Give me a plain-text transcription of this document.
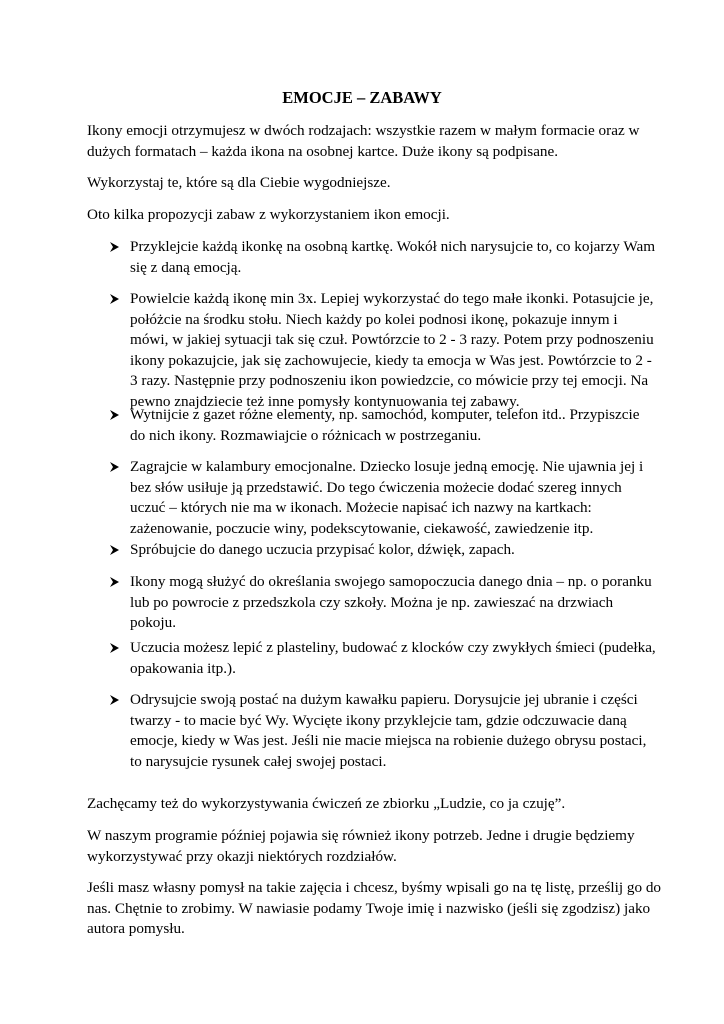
EMOCJE – ZABAWY

Ikony emocji otrzymujesz w dwóch rodzajach: wszystkie razem w małym formacie oraz w
dużych formatach – każda ikona na osobnej kartce. Duże ikony są podpisane.

Wykorzystaj te, które są dla Ciebie wygodniejsze.

Oto kilka propozycji zabaw z wykorzystaniem ikon emocji.

Przyklejcie każdą ikonkę na osobną kartkę. Wokół nich narysujcie to, co kojarzy Wam
się z daną emocją.
Powielcie każdą ikonę min 3x. Lepiej wykorzystać do tego małe ikonki. Potasujcie je,
połóżcie na środku stołu. Niech każdy po kolei podnosi ikonę, pokazuje innym i
mówi, w jakiej sytuacji tak się czuł. Powtórzcie to 2 - 3 razy. Potem przy podnoszeniu
ikony pokazujcie, jak się zachowujecie, kiedy ta emocja w Was jest. Powtórzcie to 2 -
3 razy. Następnie przy podnoszeniu ikon powiedzcie, co mówicie przy tej emocji. Na
pewno znajdziecie też inne pomysły kontynuowania tej zabawy.
Wytnijcie z gazet różne elementy, np. samochód, komputer, telefon itd.. Przypiszcie
do nich ikony. Rozmawiajcie o różnicach w postrzeganiu.
Zagrajcie w kalambury emocjonalne. Dziecko losuje jedną emocję. Nie ujawnia jej i
bez słów usiłuje ją przedstawić. Do tego ćwiczenia możecie dodać szereg innych
uczuć – których nie ma w ikonach. Możecie napisać ich nazwy na kartkach:
zażenowanie, poczucie winy, podekscytowanie, ciekawość, zawiedzenie itp.
Spróbujcie do danego uczucia przypisać kolor, dźwięk, zapach.
Ikony mogą służyć do określania swojego samopoczucia danego dnia – np. o poranku
lub po powrocie z przedszkola czy szkoły. Można je np. zawieszać na drzwiach
pokoju.
Uczucia możesz lepić z plasteliny, budować z klocków czy zwykłych śmieci (pudełka,
opakowania itp.).
Odrysujcie swoją postać na dużym kawałku papieru. Dorysujcie jej ubranie i części
twarzy - to macie być Wy. Wycięte ikony przyklejcie tam, gdzie odczuwacie daną
emocje, kiedy w Was jest. Jeśli nie macie miejsca na robienie dużego obrysu postaci,
to narysujcie rysunek całej swojej postaci.

Zachęcamy też do wykorzystywania ćwiczeń ze zbiorku „Ludzie, co ja czuję”.

W naszym programie później pojawia się również ikony potrzeb. Jedne i drugie będziemy
wykorzystywać przy okazji niektórych rozdziałów.

Jeśli masz własny pomysł na takie zajęcia i chcesz, byśmy wpisali go na tę listę, prześlij go do
nas. Chętnie to zrobimy. W nawiasie podamy Twoje imię i nazwisko (jeśli się zgodzisz) jako
autora pomysłu.
